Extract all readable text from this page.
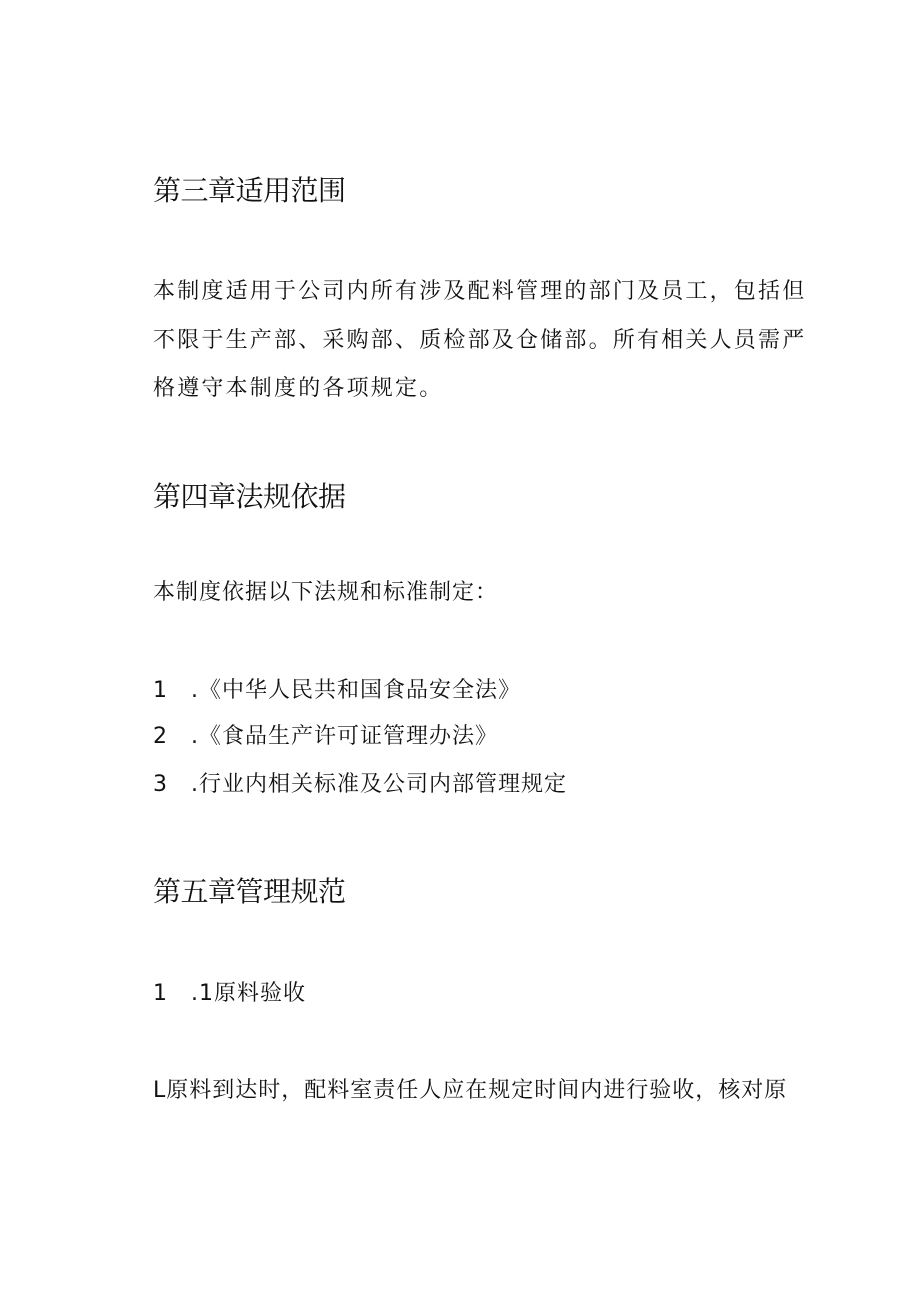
第三章适用范围

本制度适用于公司内所有涉及配料管理的部门及员工，包括但不限于生产部、采购部、质检部及仓储部。所有相关人员需严格遵守本制度的各项规定。

第四章法规依据

本制度依据以下法规和标准制定：

1 .《中华人民共和国食品安全法》

2 .《食品生产许可证管理办法》

3 .行业内相关标准及公司内部管理规定

第五章管理规范

1 .1原料验收

L原料到达时，配料室责任人应在规定时间内进行验收，核对原
